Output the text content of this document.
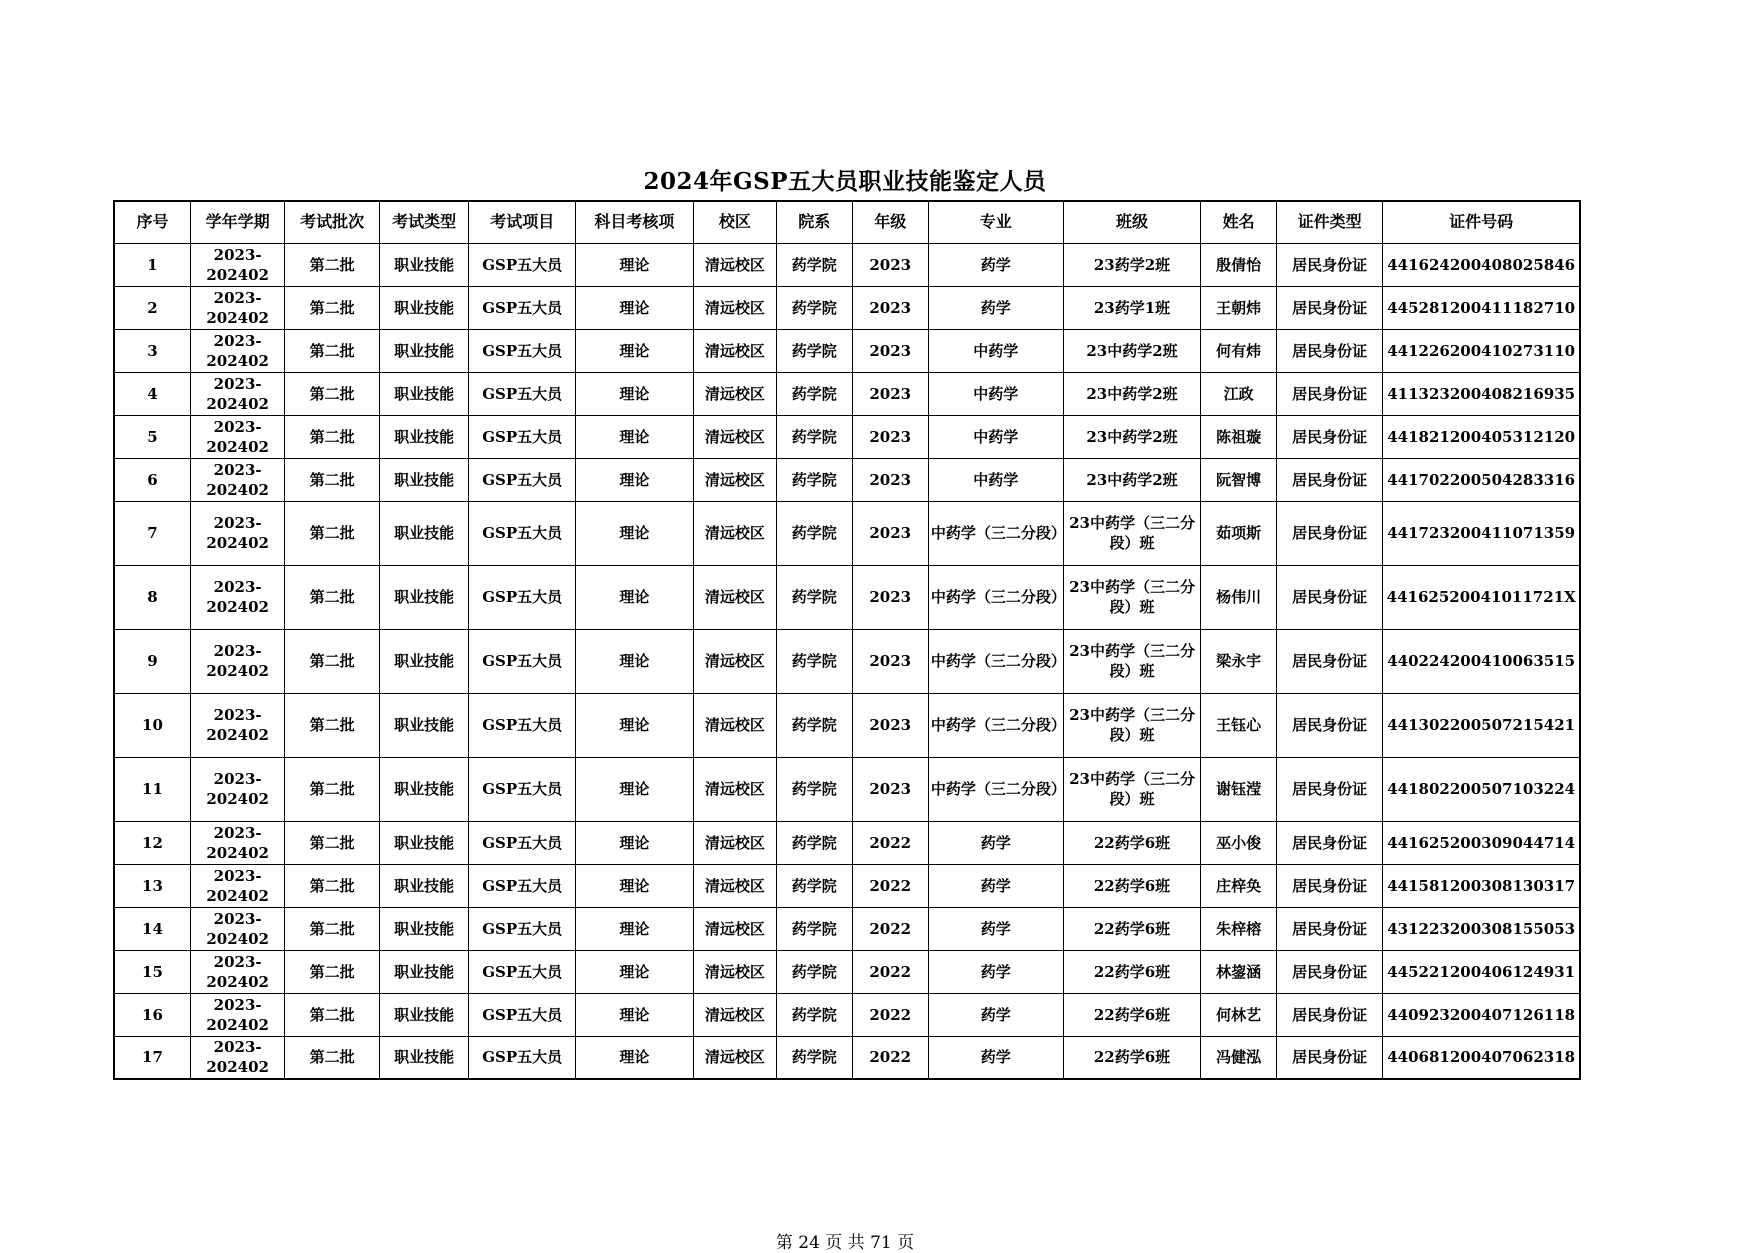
2024年GSP五大员职业技能鉴定人员
序号	学年学期	考试批次	考试类型	考试项目	科目考核项	校区	院系	年级	专业	班级	姓名	证件类型	证件号码
1	2023-202402	第二批	职业技能	GSP五大员	理论	清远校区	药学院	2023	药学	23药学2班	殷倩怡	居民身份证	441624200408025846
2	2023-202402	第二批	职业技能	GSP五大员	理论	清远校区	药学院	2023	药学	23药学1班	王朝炜	居民身份证	445281200411182710
3	2023-202402	第二批	职业技能	GSP五大员	理论	清远校区	药学院	2023	中药学	23中药学2班	何有炜	居民身份证	441226200410273110
4	2023-202402	第二批	职业技能	GSP五大员	理论	清远校区	药学院	2023	中药学	23中药学2班	江政	居民身份证	411323200408216935
5	2023-202402	第二批	职业技能	GSP五大员	理论	清远校区	药学院	2023	中药学	23中药学2班	陈祖璇	居民身份证	441821200405312120
6	2023-202402	第二批	职业技能	GSP五大员	理论	清远校区	药学院	2023	中药学	23中药学2班	阮智博	居民身份证	441702200504283316
7	2023-202402	第二批	职业技能	GSP五大员	理论	清远校区	药学院	2023	中药学（三二分段）	23中药学（三二分段）班	茹项斯	居民身份证	441723200411071359
8	2023-202402	第二批	职业技能	GSP五大员	理论	清远校区	药学院	2023	中药学（三二分段）	23中药学（三二分段）班	杨伟川	居民身份证	44162520041011721X
9	2023-202402	第二批	职业技能	GSP五大员	理论	清远校区	药学院	2023	中药学（三二分段）	23中药学（三二分段）班	梁永宇	居民身份证	440224200410063515
10	2023-202402	第二批	职业技能	GSP五大员	理论	清远校区	药学院	2023	中药学（三二分段）	23中药学（三二分段）班	王钰心	居民身份证	441302200507215421
11	2023-202402	第二批	职业技能	GSP五大员	理论	清远校区	药学院	2023	中药学（三二分段）	23中药学（三二分段）班	谢钰滢	居民身份证	441802200507103224
12	2023-202402	第二批	职业技能	GSP五大员	理论	清远校区	药学院	2022	药学	22药学6班	巫小俊	居民身份证	441625200309044714
13	2023-202402	第二批	职业技能	GSP五大员	理论	清远校区	药学院	2022	药学	22药学6班	庄梓奂	居民身份证	441581200308130317
14	2023-202402	第二批	职业技能	GSP五大员	理论	清远校区	药学院	2022	药学	22药学6班	朱梓榕	居民身份证	431223200308155053
15	2023-202402	第二批	职业技能	GSP五大员	理论	清远校区	药学院	2022	药学	22药学6班	林鋆涵	居民身份证	445221200406124931
16	2023-202402	第二批	职业技能	GSP五大员	理论	清远校区	药学院	2022	药学	22药学6班	何林艺	居民身份证	440923200407126118
17	2023-202402	第二批	职业技能	GSP五大员	理论	清远校区	药学院	2022	药学	22药学6班	冯健泓	居民身份证	440681200407062318
第 24 页 共 71 页
